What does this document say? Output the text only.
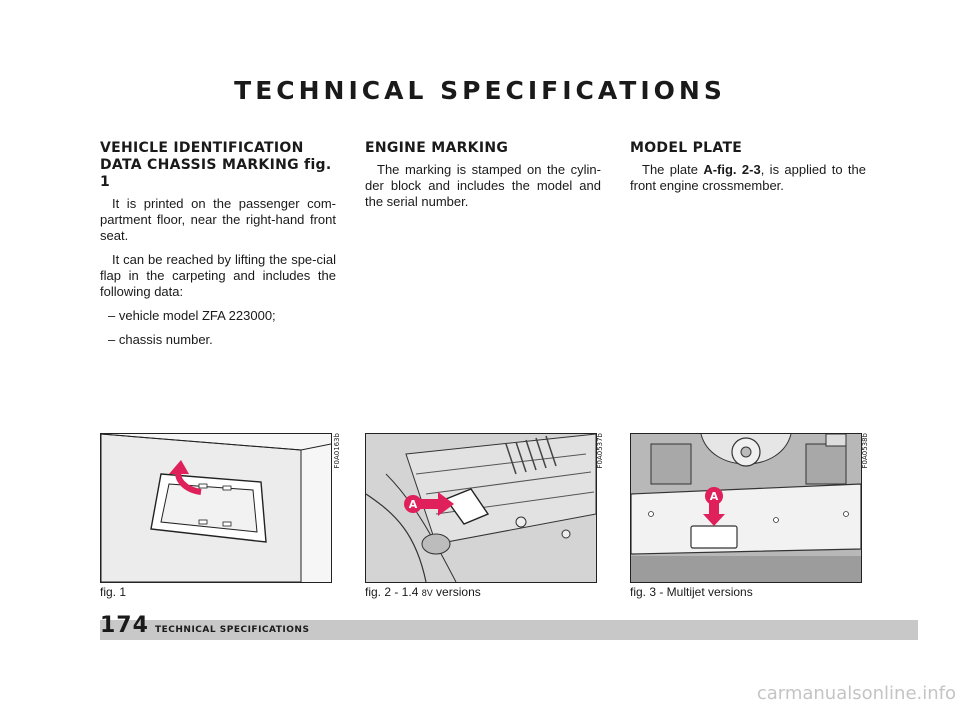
TECHNICAL SPECIFICATIONS
VEHICLE IDENTIFICATION DATA CHASSIS MARKING fig. 1

It is printed on the passenger com-partment floor, near the right-hand front seat.

It can be reached by lifting the spe-cial flap in the carpeting and includes the following data:

– vehicle model ZFA 223000;

– chassis number.

ENGINE MARKING

The marking is stamped on the cylin-der block and includes the model and the serial number.

MODEL PLATE

The plate A-fig. 2-3, is applied to the front engine crossmember.

F0A0163b
fig. 1
A
F0A0537b
fig. 2 - 1.4 8V versions
A
F0A0538b
fig. 3 - Multijet versions
174 TECHNICAL SPECIFICATIONS
carmanualsonline.info
